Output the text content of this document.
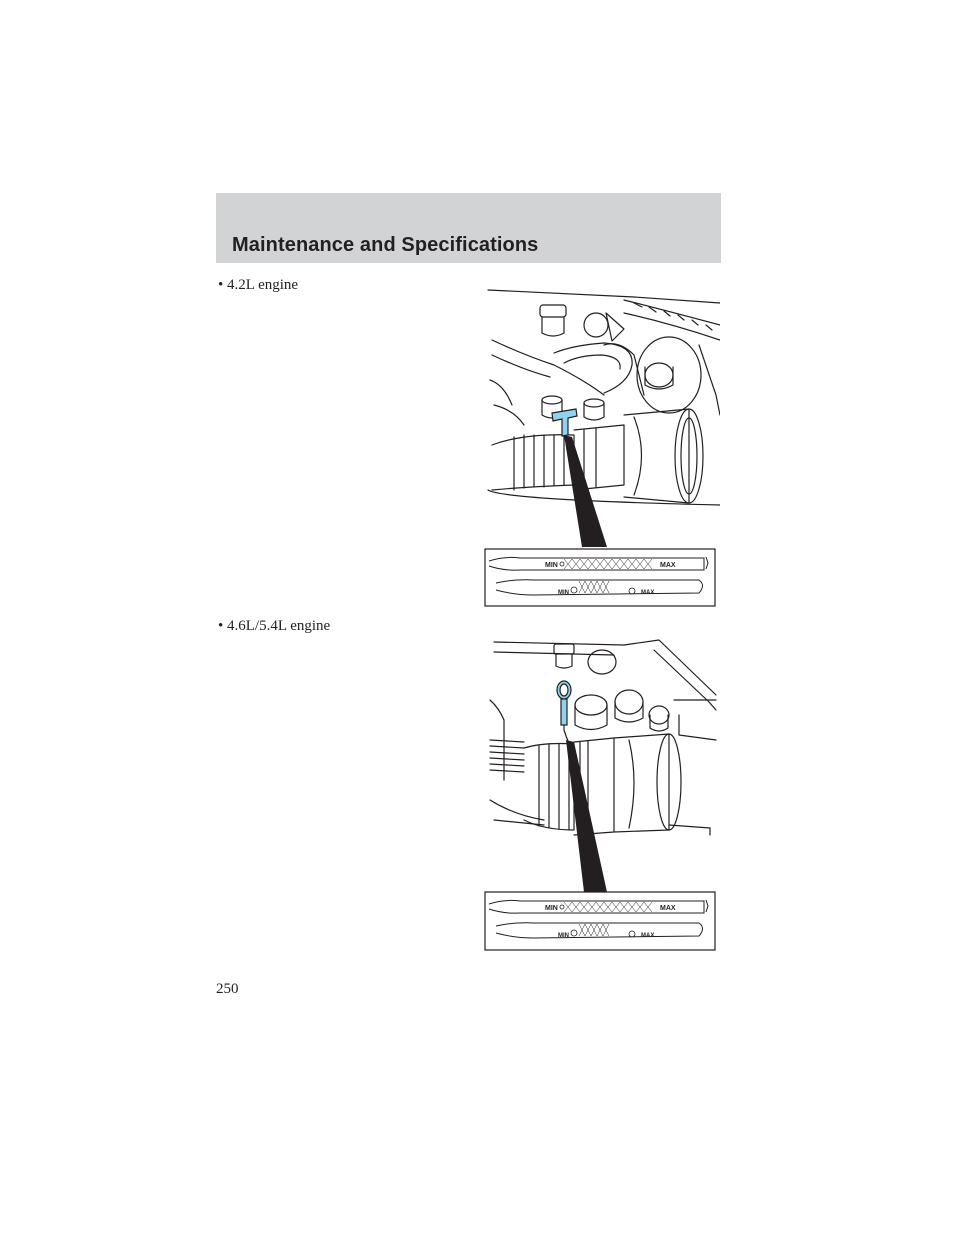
Maintenance and Specifications
• 4.2L engine
MIN	MAX
MIN	MAX
• 4.6L/5.4L engine
MIN	MAX
MIN	MAX
250
